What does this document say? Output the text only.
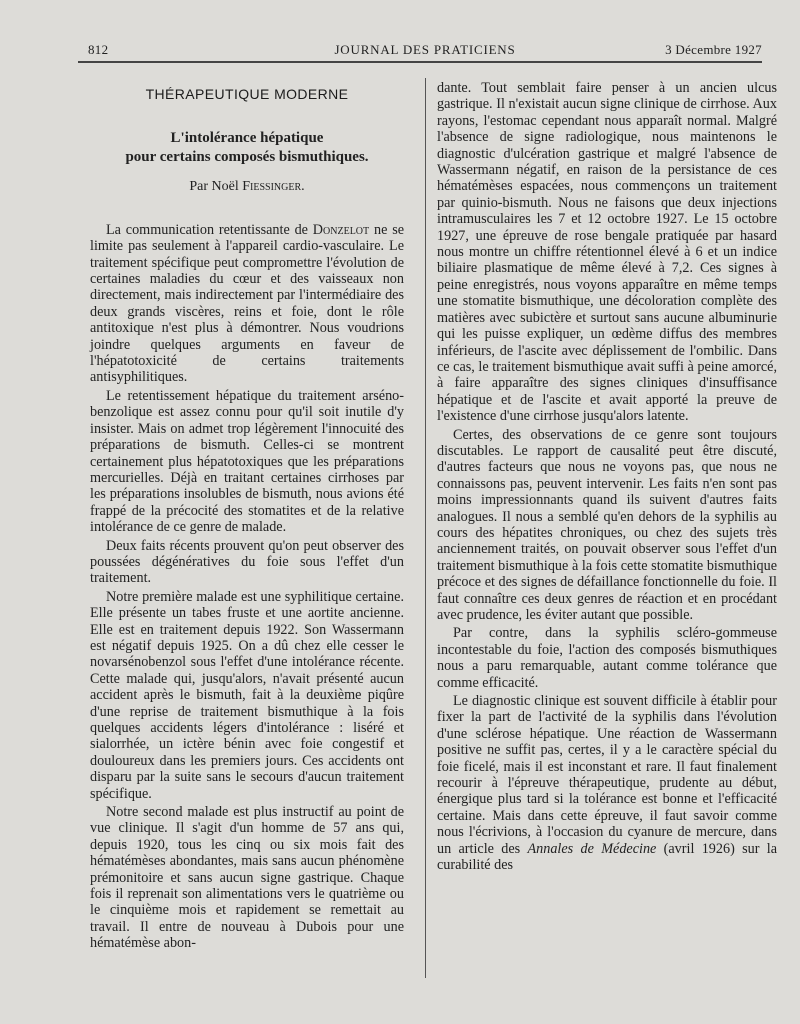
812	JOURNAL DES PRATICIENS	3 Décembre 1927
THÉRAPEUTIQUE MODERNE
L'intolérance hépatique
pour certains composés bismuthiques.
Par Noël Fiessinger.

La communication retentissante de Donzelot ne se limite pas seulement à l'appareil cardio-vasculaire. Le traitement spécifique peut compromettre l'évolution de certaines maladies du cœur et des vaisseaux non directement, mais indirectement par l'intermédiaire des deux grands viscères, reins et foie, dont le rôle antitoxique n'est plus à démontrer. Nous voudrions joindre quelques arguments en faveur de l'hépatotoxicité de certains traitements antisyphilitiques.

Le retentissement hépatique du traitement arséno-benzolique est assez connu pour qu'il soit inutile d'y insister. Mais on admet trop légèrement l'innocuité des préparations de bismuth. Celles-ci se montrent certainement plus hépatotoxiques que les préparations mercurielles. Déjà en traitant certaines cirrhoses par les préparations insolubles de bismuth, nous avions été frappé de la précocité des stomatites et de la relative intolérance de ce genre de malade.

Deux faits récents prouvent qu'on peut observer des poussées dégénératives du foie sous l'effet d'un traitement.

Notre première malade est une syphilitique certaine. Elle présente un tabes fruste et une aortite ancienne. Elle est en traitement depuis 1922. Son Wassermann est négatif depuis 1925. On a dû chez elle cesser le novarsénobenzol sous l'effet d'une intolérance récente. Cette malade qui, jusqu'alors, n'avait présenté aucun accident après le bismuth, fait à la deuxième piqûre d'une reprise de traitement bismuthique à la fois quelques accidents légers d'intolérance : liséré et sialorrhée, un ictère bénin avec foie congestif et douloureux dans les premiers jours. Ces accidents ont disparu par la suite sans le secours d'aucun traitement spécifique.

Notre second malade est plus instructif au point de vue clinique. Il s'agit d'un homme de 57 ans qui, depuis 1920, tous les cinq ou six mois fait des hématémèses abondantes, mais sans aucun phénomène prémonitoire et sans aucun signe gastrique. Chaque fois il reprenait son alimentations vers le quatrième ou le cinquième mois et rapidement se remettait au travail. Il entre de nouveau à Dubois pour une hématémèse abon-

dante. Tout semblait faire penser à un ancien ulcus gastrique. Il n'existait aucun signe clinique de cirrhose. Aux rayons, l'estomac cependant nous apparaît normal. Malgré l'absence de signe radiologique, nous maintenons le diagnostic d'ulcération gastrique et malgré l'absence de Wassermann négatif, en raison de la persistance de ces hématémèses espacées, nous commençons un traitement par quinio-bismuth. Nous ne faisons que deux injections intramusculaires les 7 et 12 octobre 1927. Le 15 octobre 1927, une épreuve de rose bengale pratiquée par hasard nous montre un chiffre rétentionnel élevé à 6 et un indice biliaire plasmatique de même élevé à 7,2. Ces signes à peine enregistrés, nous voyons apparaître en même temps une stomatite bismuthique, une décoloration complète des matières avec subictère et surtout sans aucune albuminurie qui les puisse expliquer, un œdème diffus des membres inférieurs, de l'ascite avec déplissement de l'ombilic. Dans ce cas, le traitement bismuthique avait suffi à peine amorcé, à faire apparaître des signes cliniques d'insuffisance hépatique et de l'ascite et avait apporté la preuve de l'existence d'une cirrhose jusqu'alors latente.

Certes, des observations de ce genre sont toujours discutables. Le rapport de causalité peut être discuté, d'autres facteurs que nous ne voyons pas, que nous ne connaissons pas, peuvent intervenir. Les faits n'en sont pas moins impressionnants quand ils suivent d'autres faits analogues. Il nous a semblé qu'en dehors de la syphilis au cours des hépatites chroniques, ou chez des sujets très anciennement traités, on pouvait observer sous l'effet d'un traitement bismuthique à la fois cette stomatite bismuthique précoce et des signes de défaillance fonctionnelle du foie. Il faut connaître ces deux genres de réaction et en procédant avec prudence, les éviter autant que possible.

Par contre, dans la syphilis scléro-gommeuse incontestable du foie, l'action des composés bismuthiques nous a paru remarquable, autant comme tolérance que comme efficacité.

Le diagnostic clinique est souvent difficile à établir pour fixer la part de l'activité de la syphilis dans l'évolution d'une sclérose hépatique. Une réaction de Wassermann positive ne suffit pas, certes, il y a le caractère spécial du foie ficelé, mais il est inconstant et rare. Il faut finalement recourir à l'épreuve thérapeutique, prudente au début, énergique plus tard si la tolérance est bonne et l'efficacité certaine. Mais dans cette épreuve, il faut savoir comme nous l'écrivions, à l'occasion du cyanure de mercure, dans un article des Annales de Médecine (avril 1926) sur la curabilité des
